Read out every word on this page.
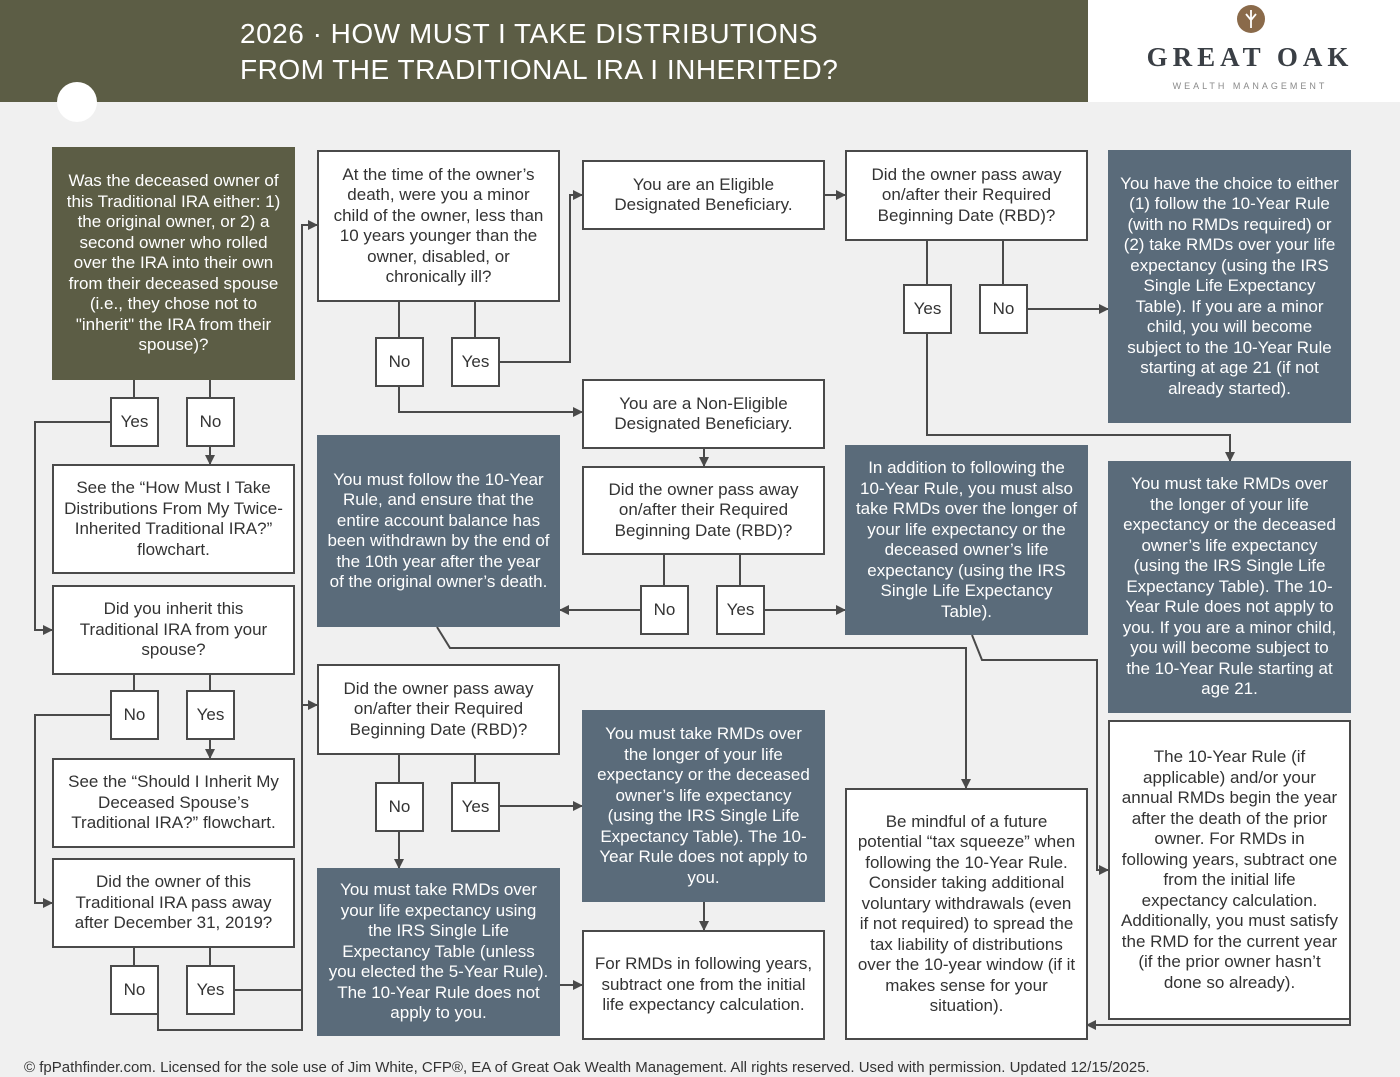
2026 · HOW MUST I TAKE DISTRIBUTIONS
FROM THE TRADITIONAL IRA I INHERITED?	GREAT OAK
WEALTH MANAGEMENT
Was the deceased owner of this Traditional IRA either: 1) the original owner, or 2) a second owner who rolled over the IRA into their own from their deceased spouse (i.e., they chose not to "inherit" the IRA from their spouse)?
Yes	No
See the “How Must I Take Distributions From My Twice-Inherited Traditional IRA?” flowchart.
Did you inherit this Traditional IRA from your spouse?
No	Yes
See the “Should I Inherit My Deceased Spouse’s Traditional IRA?” flowchart.
Did the owner of this Traditional IRA pass away after December 31, 2019?
No	Yes
At the time of the owner’s death, were you a minor child of the owner, less than 10 years younger than the owner, disabled, or chronically ill?
No	Yes
You must follow the 10-Year Rule, and ensure that the entire account balance has been withdrawn by the end of the 10th year after the year of the original owner’s death.
Did the owner pass away on/after their Required Beginning Date (RBD)?
No	Yes
You must take RMDs over your life expectancy using the IRS Single Life Expectancy Table (unless you elected the 5-Year Rule). The 10-Year Rule does not apply to you.
You are an Eligible Designated Beneficiary.
You are a Non-Eligible Designated Beneficiary.
Did the owner pass away on/after their Required Beginning Date (RBD)?
No	Yes
You must take RMDs over the longer of your life expectancy or the deceased owner’s life expectancy (using the IRS Single Life Expectancy Table). The 10-Year Rule does not apply to you.
For RMDs in following years, subtract one from the initial life expectancy calculation.
Did the owner pass away on/after their Required Beginning Date (RBD)?
Yes	No
In addition to following the 10-Year Rule, you must also take RMDs over the longer of your life expectancy or the deceased owner’s life expectancy (using the IRS Single Life Expectancy Table).
Be mindful of a future potential “tax squeeze” when following the 10-Year Rule. Consider taking additional voluntary withdrawals (even if not required) to spread the tax liability of distributions over the 10-year window (if it makes sense for your situation).
You have the choice to either (1) follow the 10-Year Rule (with no RMDs required) or (2) take RMDs over your life expectancy (using the IRS Single Life Expectancy Table). If you are a minor child, you will become subject to the 10-Year Rule starting at age 21 (if not already started).
You must take RMDs over the longer of your life expectancy or the deceased owner’s life expectancy (using the IRS Single Life Expectancy Table). The 10-Year Rule does not apply to you. If you are a minor child, you will become subject to the 10-Year Rule starting at age 21.
The 10-Year Rule (if applicable) and/or your annual RMDs begin the year after the death of the prior owner. For RMDs in following years, subtract one from the initial life expectancy calculation. Additionally, you must satisfy the RMD for the current year (if the prior owner hasn’t done so already).
© fpPathfinder.com. Licensed for the sole use of Jim White, CFP®, EA of Great Oak Wealth Management. All rights reserved. Used with permission. Updated 12/15/2025.
